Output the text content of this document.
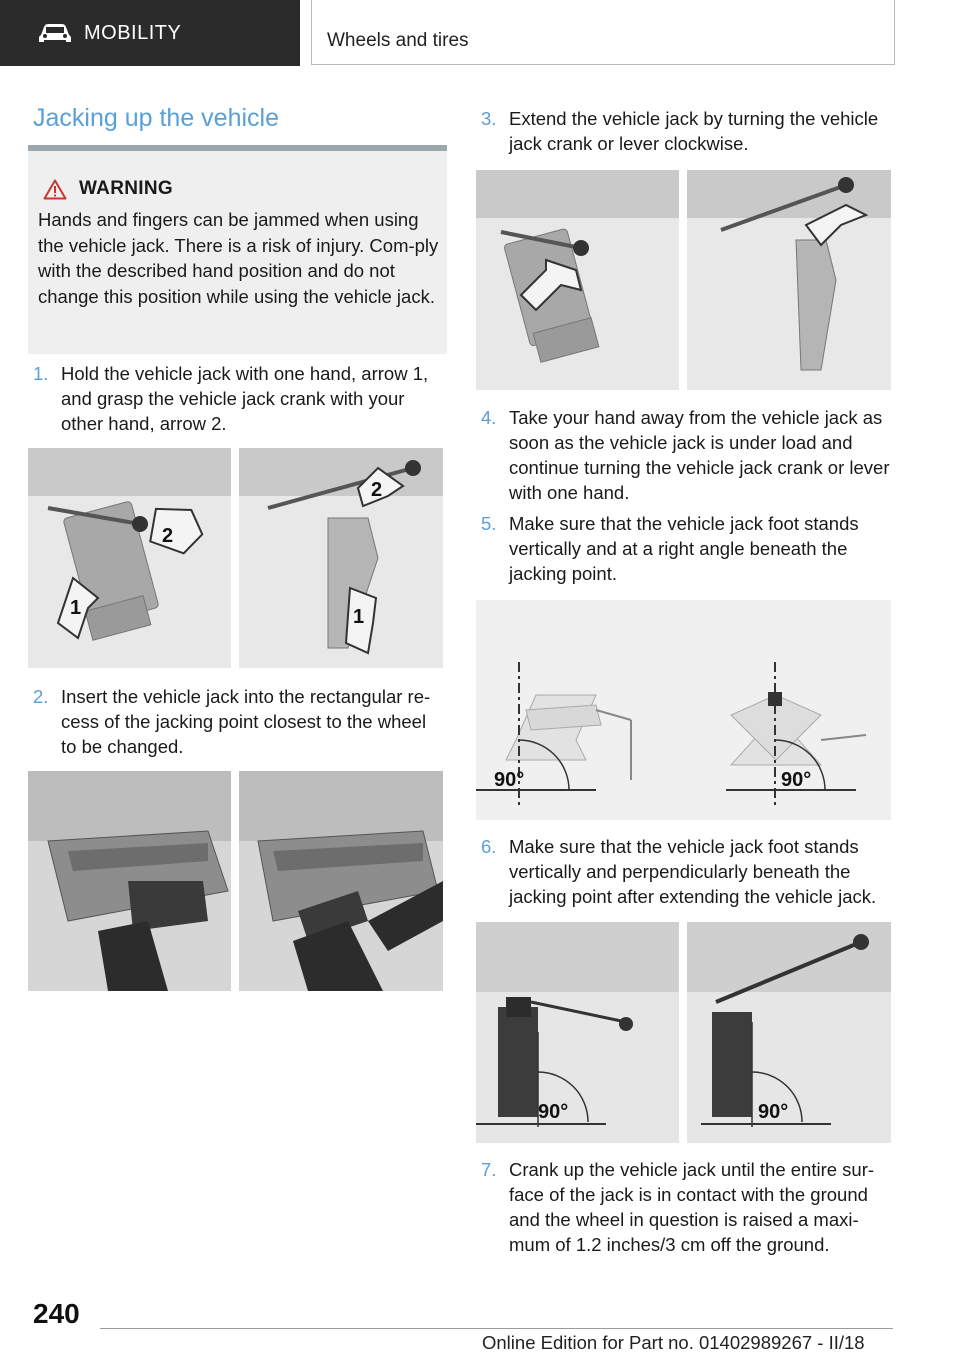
MOBILITY	Wheels and tires
Jacking up the vehicle
WARNING
Hands and fingers can be jammed when using the vehicle jack. There is a risk of injury. Com-ply with the described hand position and do not change this position while using the vehicle jack.
1. Hold the vehicle jack with one hand, arrow 1, and grasp the vehicle jack crank with your other hand, arrow 2.
2
1
2
1
2. Insert the vehicle jack into the rectangular re-cess of the jacking point closest to the wheel to be changed.
3. Extend the vehicle jack by turning the vehicle jack crank or lever clockwise.
4. Take your hand away from the vehicle jack as soon as the vehicle jack is under load and continue turning the vehicle jack crank or lever with one hand.
5. Make sure that the vehicle jack foot stands vertically and at a right angle beneath the jacking point.
90°	90°
6. Make sure that the vehicle jack foot stands vertically and perpendicularly beneath the jacking point after extending the vehicle jack.
90°	90°
7. Crank up the vehicle jack until the entire sur-face of the jack is in contact with the ground and the wheel in question is raised a maxi-mum of 1.2 inches/3 cm off the ground.
240
Online Edition for Part no. 01402989267 - II/18
